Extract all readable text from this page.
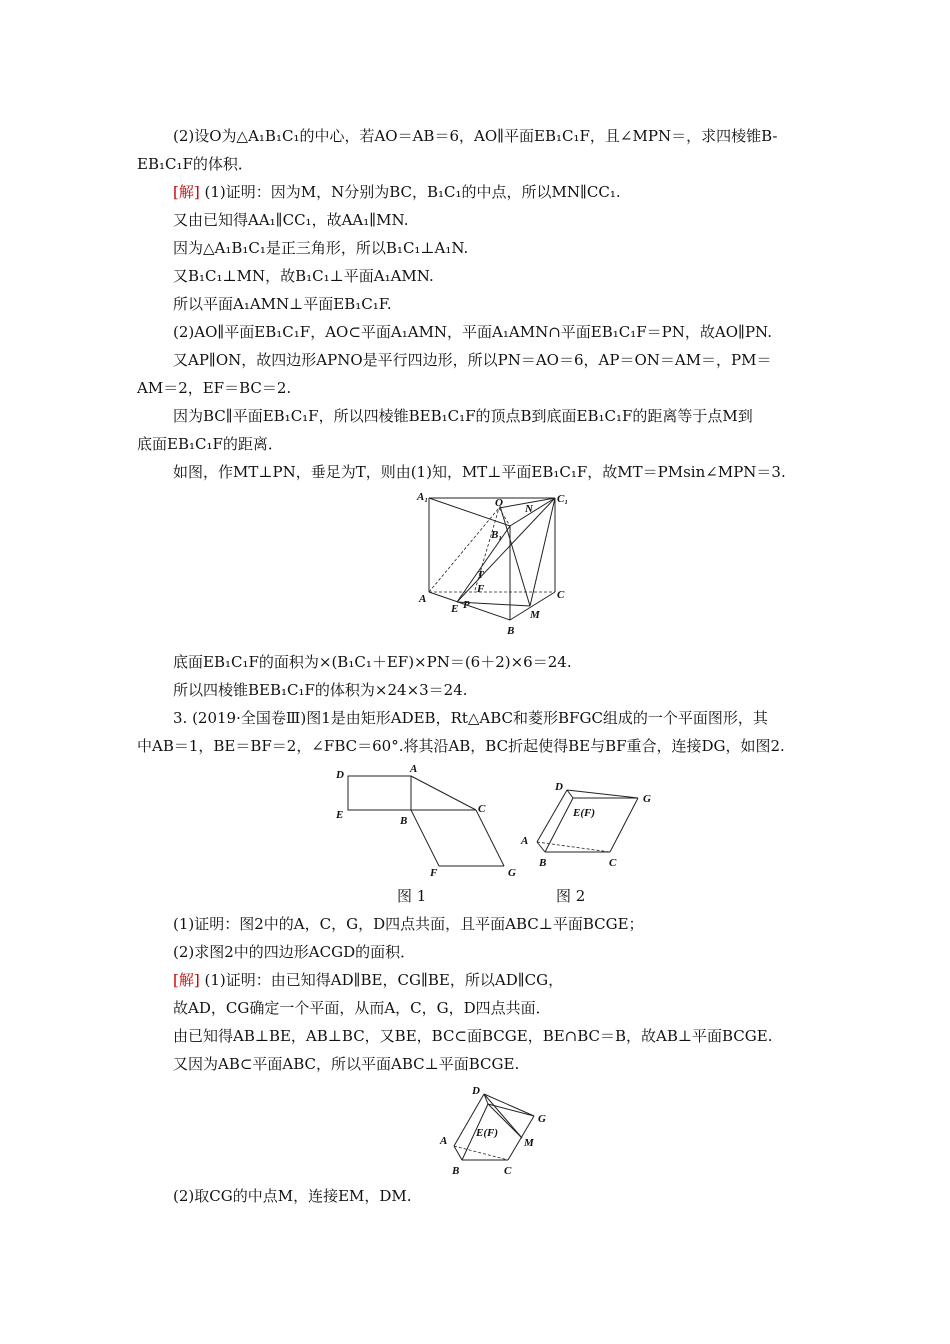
(2)设O为△A₁B₁C₁的中心，若AO＝AB＝6，AO∥平面EB₁C₁F，且∠MPN＝，求四棱锥B-
EB₁C₁F的体积．
[解] (1)证明：因为M，N分别为BC，B₁C₁的中点，所以MN∥CC₁.
又由已知得AA₁∥CC₁，故AA₁∥MN.
因为△A₁B₁C₁是正三角形，所以B₁C₁⊥A₁N.
又B₁C₁⊥MN，故B₁C₁⊥平面A₁AMN.
所以平面A₁AMN⊥平面EB₁C₁F.
(2)AO∥平面EB₁C₁F，AO⊂平面A₁AMN，平面A₁AMN∩平面EB₁C₁F＝PN，故AO∥PN.
又AP∥ON，故四边形APNO是平行四边形，所以PN＝AO＝6，AP＝ON＝AM＝，PM＝
AM＝2，EF＝BC＝2.
因为BC∥平面EB₁C₁F，所以四棱锥BEB₁C₁F的顶点B到底面EB₁C₁F的距离等于点M到
底面EB₁C₁F的距离．
如图，作MT⊥PN，垂足为T，则由(1)知，MT⊥平面EB₁C₁F，故MT＝PMsin∠MPN＝3.
A₁	O N
C₁
B₁
T
F
A	P
C
E	M
B
底面EB₁C₁F的面积为×(B₁C₁＋EF)×PN＝(6＋2)×6＝24.
所以四棱锥BEB₁C₁F的体积为×24×3＝24.
3. (2019·全国卷Ⅲ)图1是由矩形ADEB，Rt△ABC和菱形BFGC组成的一个平面图形，其
中AB＝1，BE＝BF＝2，∠FBC＝60°.将其沿AB，BC折起使得BE与BF重合，连接DG，如图2.
D	A
E	B
C
F	G
图 1
D
E(F)
G
A
B	C
图 2
(1)证明：图2中的A，C，G，D四点共面，且平面ABC⊥平面BCGE；
(2)求图2中的四边形ACGD的面积．
[解] (1)证明：由已知得AD∥BE，CG∥BE，所以AD∥CG，
故AD，CG确定一个平面，从而A，C，G，D四点共面．
由已知得AB⊥BE，AB⊥BC，又BE，BC⊂面BCGE，BE∩BC＝B，故AB⊥平面BCGE.
又因为AB⊂平面ABC，所以平面ABC⊥平面BCGE.
D
G
A
E(F)
M
B	C
(2)取CG的中点M，连接EM，DM.
